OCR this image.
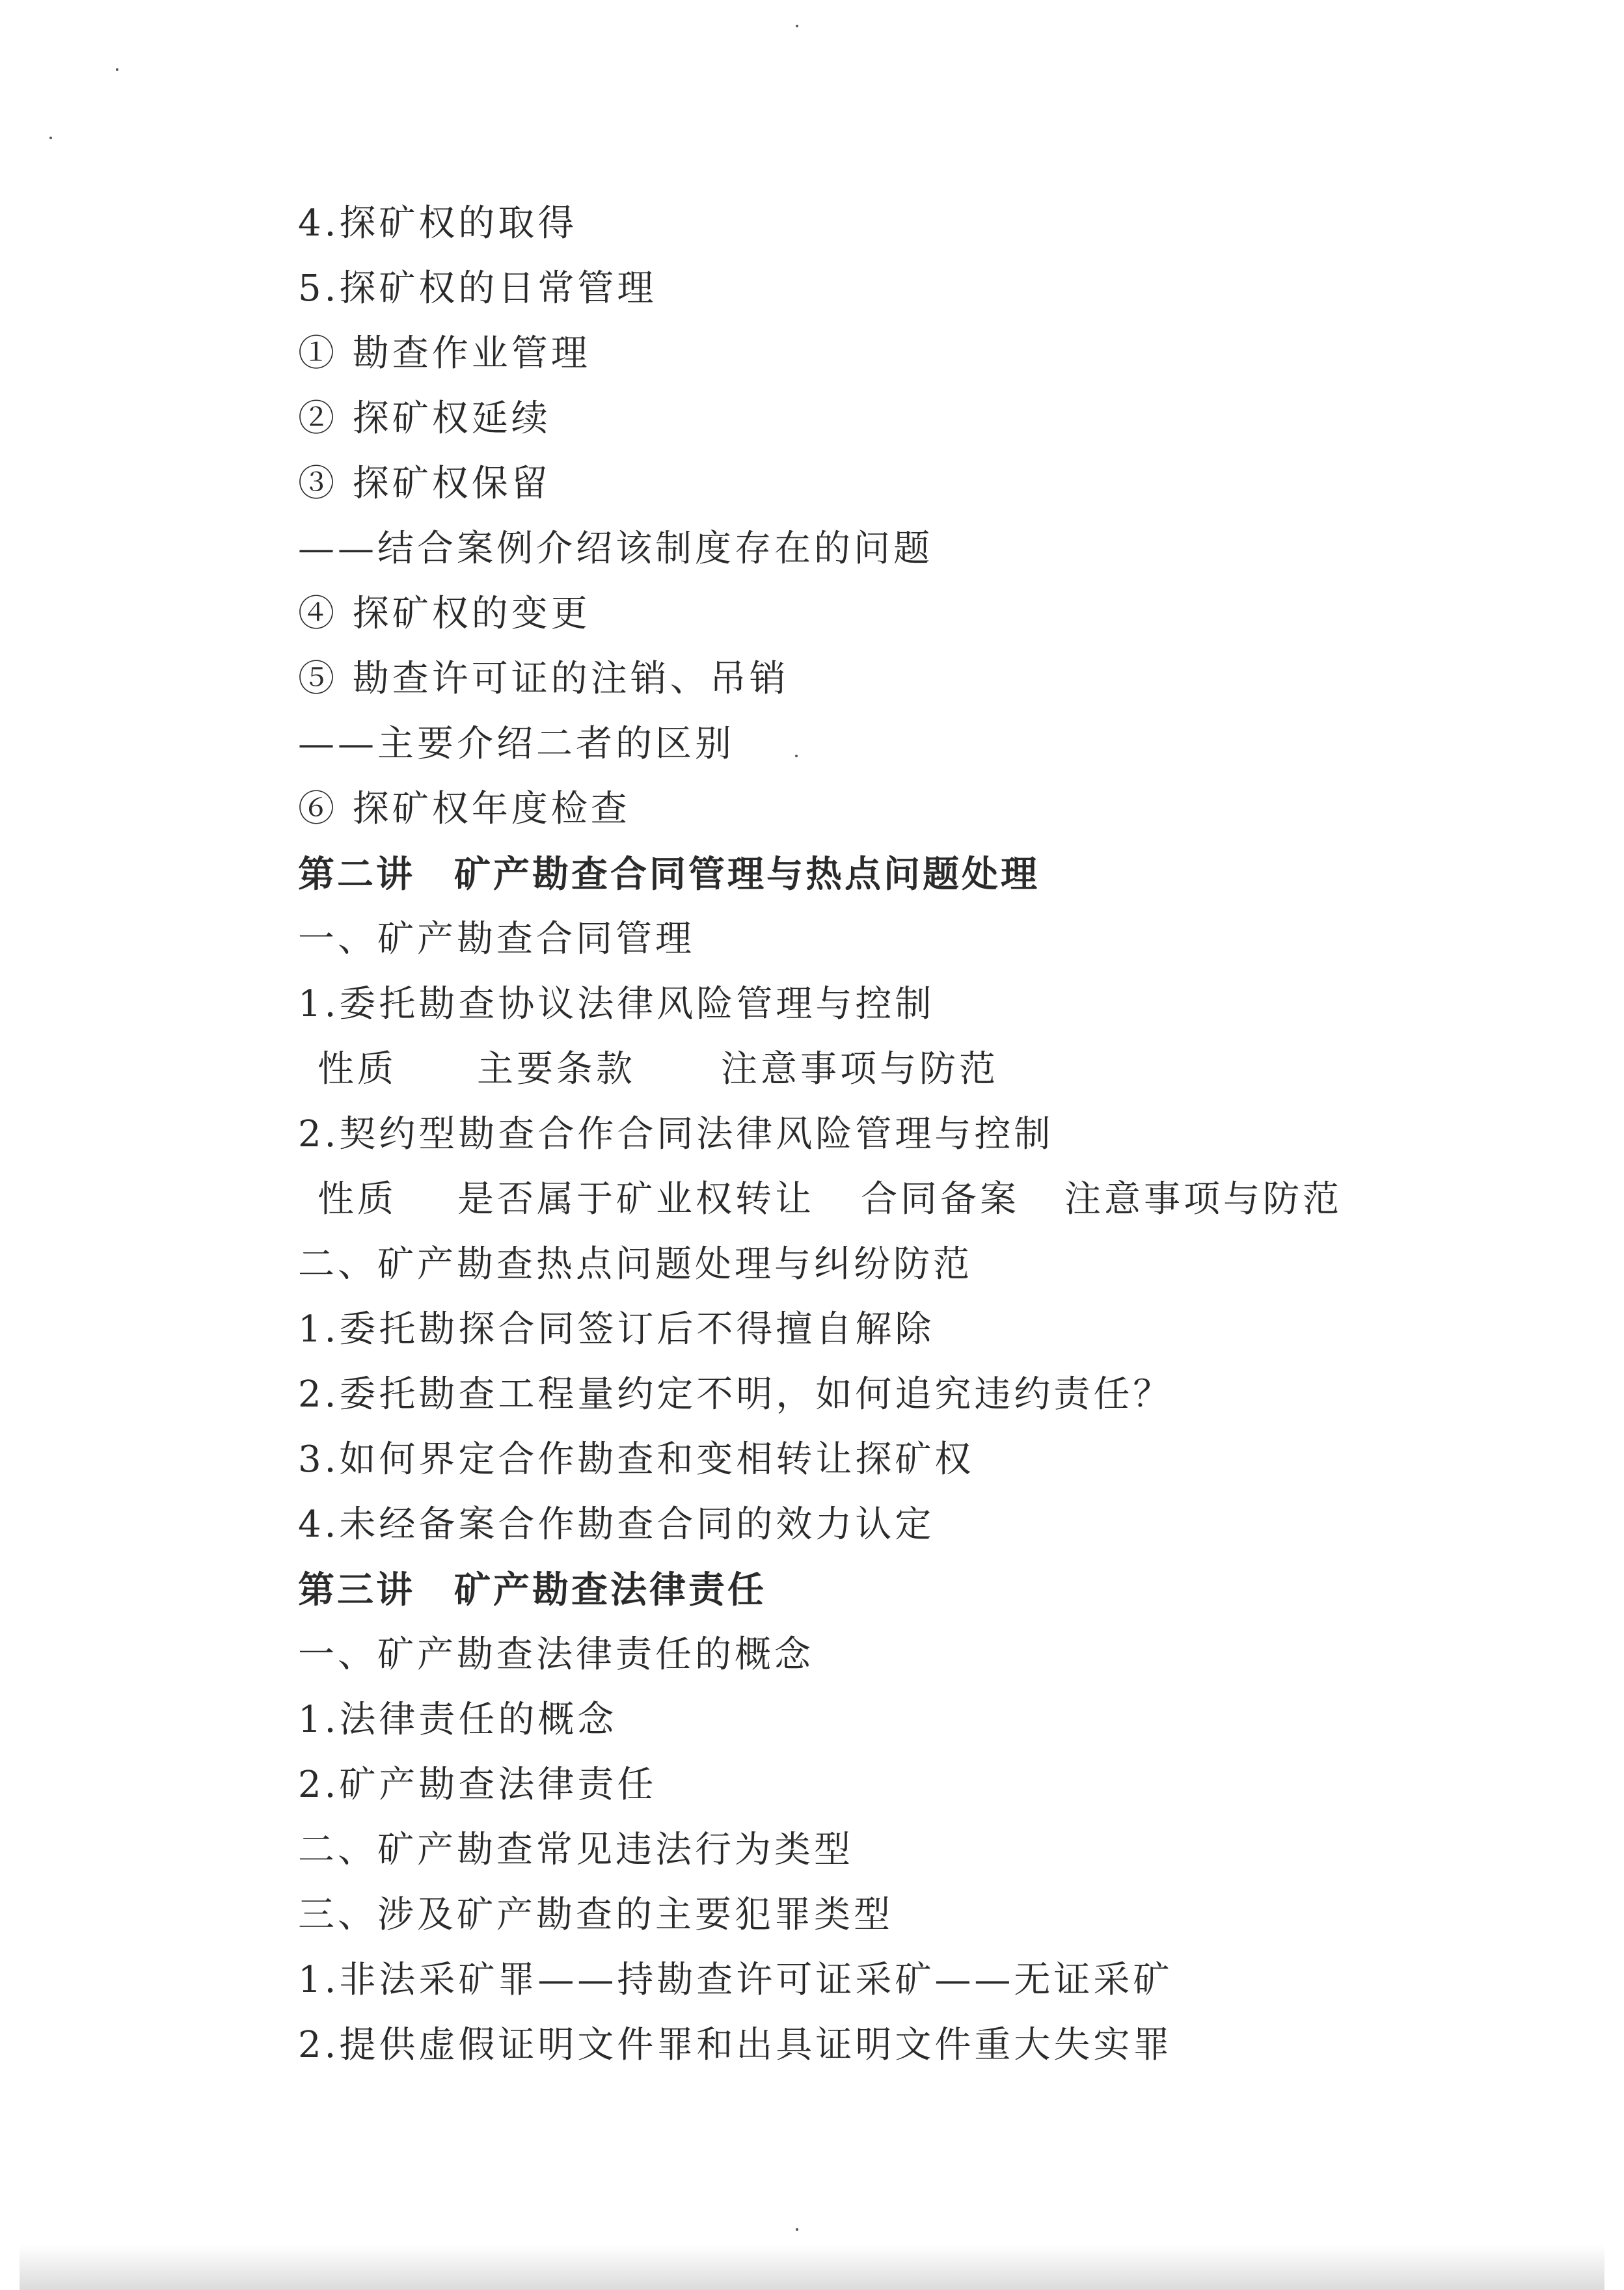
4.探矿权的取得
5.探矿权的日常管理
① 勘查作业管理
② 探矿权延续
③ 探矿权保留
——结合案例介绍该制度存在的问题
④ 探矿权的变更
⑤ 勘查许可证的注销、吊销
——主要介绍二者的区别
⑥ 探矿权年度检查
第二讲　矿产勘查合同管理与热点问题处理
一、矿产勘查合同管理
1.委托勘查协议法律风险管理与控制
性质 主要条款 注意事项与防范
2.契约型勘查合作合同法律风险管理与控制
性质 是否属于矿业权转让 合同备案 注意事项与防范
二、矿产勘查热点问题处理与纠纷防范
1.委托勘探合同签订后不得擅自解除
2.委托勘查工程量约定不明，如何追究违约责任？
3.如何界定合作勘查和变相转让探矿权
4.未经备案合作勘查合同的效力认定
第三讲　矿产勘查法律责任
一、矿产勘查法律责任的概念
1.法律责任的概念
2.矿产勘查法律责任
二、矿产勘查常见违法行为类型
三、涉及矿产勘查的主要犯罪类型
1.非法采矿罪——持勘查许可证采矿——无证采矿
2.提供虚假证明文件罪和出具证明文件重大失实罪
